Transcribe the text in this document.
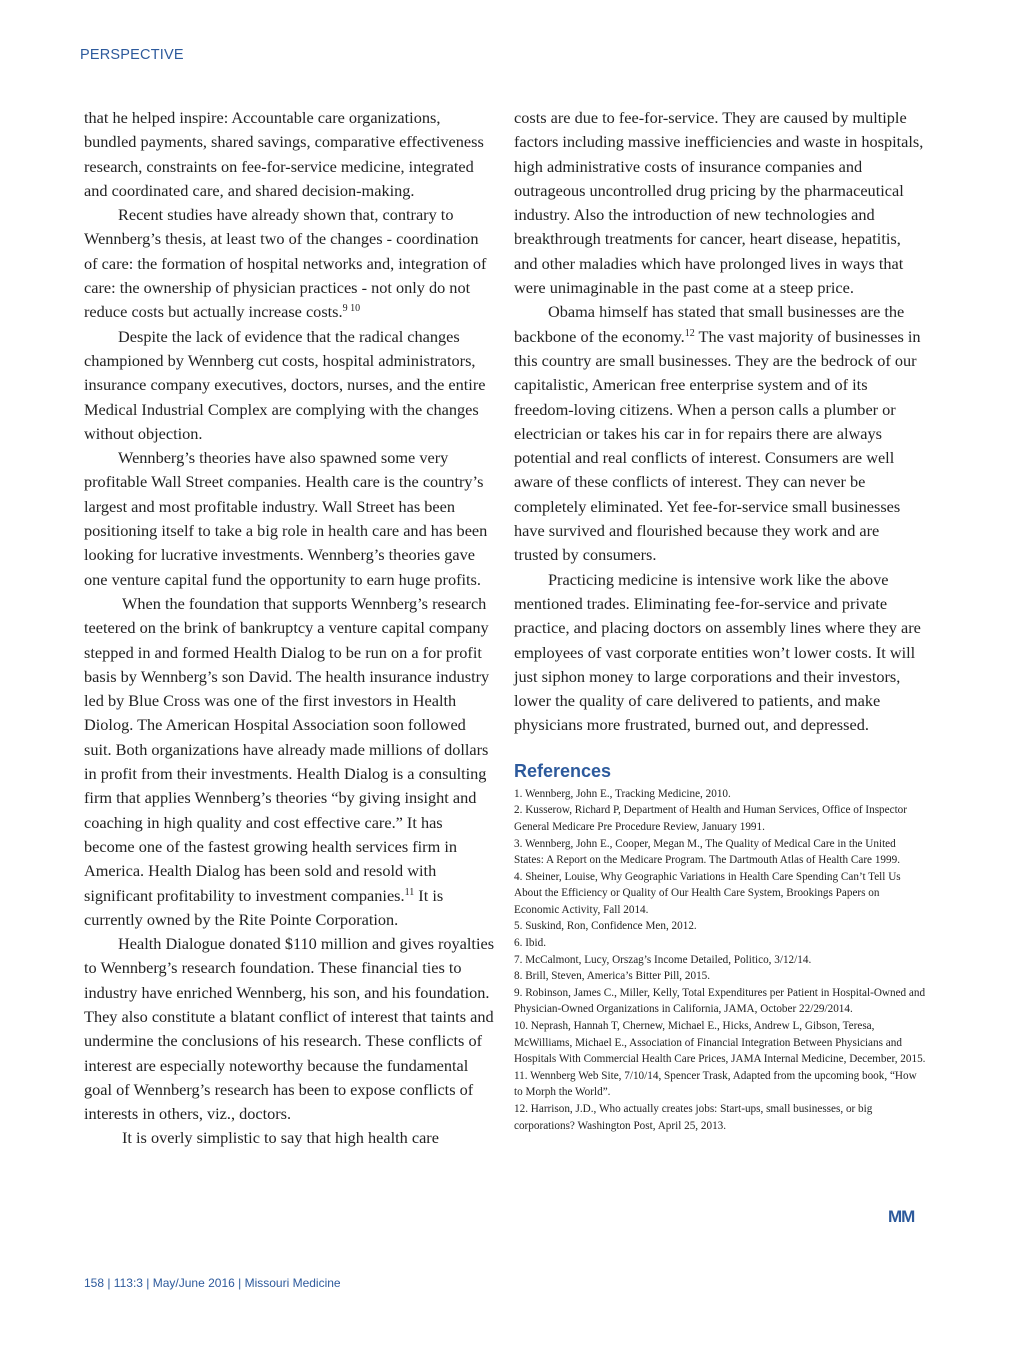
PERSPECTIVE

that he helped inspire: Accountable care organizations, bundled payments, shared savings, comparative effectiveness research, constraints on fee-for-service medicine, integrated and coordinated care, and shared decision-making.

Recent studies have already shown that, contrary to Wennberg’s thesis, at least two of the changes - coordination of care: the formation of hospital networks and, integration of care: the ownership of physician practices - not only do not reduce costs but actually increase costs.$^{9 10}$

Despite the lack of evidence that the radical changes championed by Wennberg cut costs, hospital administrators, insurance company executives, doctors, nurses, and the entire Medical Industrial Complex are complying with the changes without objection.

Wennberg’s theories have also spawned some very profitable Wall Street companies. Health care is the country’s largest and most profitable industry. Wall Street has been positioning itself to take a big role in health care and has been looking for lucrative investments. Wennberg’s theories gave one venture capital fund the opportunity to earn huge profits.

When the foundation that supports Wennberg’s research teetered on the brink of bankruptcy a venture capital company stepped in and formed Health Dialog to be run on a for profit basis by Wennberg’s son David. The health insurance industry led by Blue Cross was one of the first investors in Health Diolog. The American Hospital Association soon followed suit. Both organizations have already made millions of dollars in profit from their investments. Health Dialog is a consulting firm that applies Wennberg’s theories “by giving insight and coaching in high quality and cost effective care.” It has become one of the fastest growing health services firm in America. Health Dialog has been sold and resold with significant profitability to investment companies.$^{11}$ It is currently owned by the Rite Pointe Corporation.

Health Dialogue donated $110 million and gives royalties to Wennberg’s research foundation. These financial ties to industry have enriched Wennberg, his son, and his foundation. They also constitute a blatant conflict of interest that taints and undermine the conclusions of his research. These conflicts of interest are especially noteworthy because the fundamental goal of Wennberg’s research has been to expose conflicts of interests in others, viz., doctors.

It is overly simplistic to say that high health care

costs are due to fee-for-service. They are caused by multiple factors including massive inefficiencies and waste in hospitals, high administrative costs of insurance companies and outrageous uncontrolled drug pricing by the pharmaceutical industry. Also the introduction of new technologies and breakthrough treatments for cancer, heart disease, hepatitis, and other maladies which have prolonged lives in ways that were unimaginable in the past come at a steep price.

Obama himself has stated that small businesses are the backbone of the economy.$^{12}$ The vast majority of businesses in this country are small businesses. They are the bedrock of our capitalistic, American free enterprise system and of its freedom-loving citizens. When a person calls a plumber or electrician or takes his car in for repairs there are always potential and real conflicts of interest. Consumers are well aware of these conflicts of interest. They can never be completely eliminated. Yet fee-for-service small businesses have survived and flourished because they work and are trusted by consumers.

Practicing medicine is intensive work like the above mentioned trades. Eliminating fee-for-service and private practice, and placing doctors on assembly lines where they are employees of vast corporate entities won’t lower costs. It will just siphon money to large corporations and their investors, lower the quality of care delivered to patients, and make physicians more frustrated, burned out, and depressed.

References

1. Wennberg, John E., Tracking Medicine, 2010.

2. Kusserow, Richard P, Department of Health and Human Services, Office of Inspector General Medicare Pre Procedure Review, January 1991.

3. Wennberg, John E., Cooper, Megan M., The Quality of Medical Care in the United States: A Report on the Medicare Program. The Dartmouth Atlas of Health Care 1999.

4. Sheiner, Louise, Why Geographic Variations in Health Care Spending Can’t Tell Us About the Efficiency or Quality of Our Health Care System, Brookings Papers on Economic Activity, Fall 2014.

5. Suskind, Ron, Confidence Men, 2012.

6. Ibid.

7. McCalmont, Lucy, Orszag’s Income Detailed, Politico, 3/12/14.

8. Brill, Steven, America’s Bitter Pill, 2015.

9. Robinson, James C., Miller, Kelly, Total Expenditures per Patient in Hospital-Owned and Physician-Owned Organizations in California, JAMA, October 22/29/2014.

10. Neprash, Hannah T, Chernew, Michael E., Hicks, Andrew L, Gibson, Teresa, McWilliams, Michael E., Association of Financial Integration Between Physicians and Hospitals With Commercial Health Care Prices, JAMA Internal Medicine, December, 2015.

11. Wennberg Web Site, 7/10/14, Spencer Trask, Adapted from the upcoming book, “How to Morph the World”.

12. Harrison, J.D., Who actually creates jobs: Start-ups, small businesses, or big corporations? Washington Post, April 25, 2013.

MM
158 | 113:3 | May/June 2016 | Missouri Medicine
